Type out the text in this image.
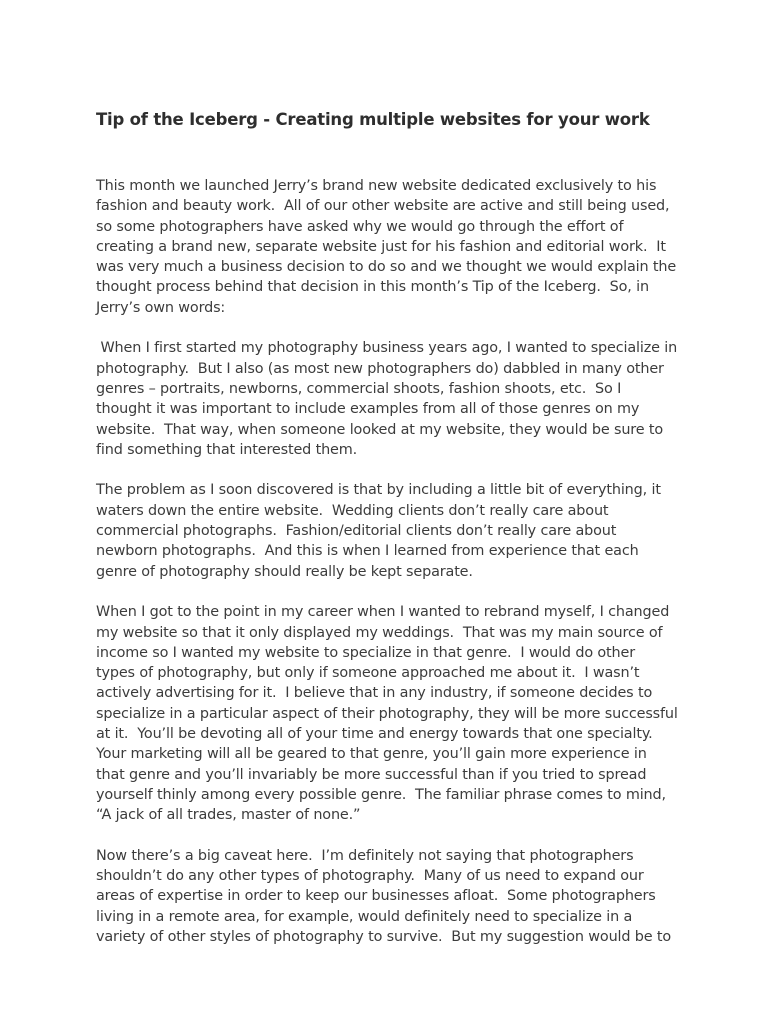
Tip of the Iceberg - Creating multiple websites for your work

This month we launched Jerry’s brand new website dedicated exclusively to his fashion and beauty work.  All of our other website are active and still being used, so some photographers have asked why we would go through the effort of creating a brand new, separate website just for his fashion and editorial work.  It was very much a business decision to do so and we thought we would explain the thought process behind that decision in this month’s Tip of the Iceberg.  So, in Jerry’s own words:

When I first started my photography business years ago, I wanted to specialize in photography.  But I also (as most new photographers do) dabbled in many other genres – portraits, newborns, commercial shoots, fashion shoots, etc.  So I thought it was important to include examples from all of those genres on my website.  That way, when someone looked at my website, they would be sure to find something that interested them.

The problem as I soon discovered is that by including a little bit of everything, it waters down the entire website.  Wedding clients don’t really care about commercial photographs.  Fashion/editorial clients don’t really care about newborn photographs.  And this is when I learned from experience that each genre of photography should really be kept separate.

When I got to the point in my career when I wanted to rebrand myself, I changed my website so that it only displayed my weddings.  That was my main source of income so I wanted my website to specialize in that genre.  I would do other types of photography, but only if someone approached me about it.  I wasn’t actively advertising for it.  I believe that in any industry, if someone decides to specialize in a particular aspect of their photography, they will be more successful at it.  You’ll be devoting all of your time and energy towards that one specialty.  Your marketing will all be geared to that genre, you’ll gain more experience in that genre and you’ll invariably be more successful than if you tried to spread yourself thinly among every possible genre.  The familiar phrase comes to mind, “A jack of all trades, master of none.”

Now there’s a big caveat here.  I’m definitely not saying that photographers shouldn’t do any other types of photography.  Many of us need to expand our areas of expertise in order to keep our businesses afloat.  Some photographers living in a remote area, for example, would definitely need to specialize in a variety of other styles of photography to survive.  But my suggestion would be to
